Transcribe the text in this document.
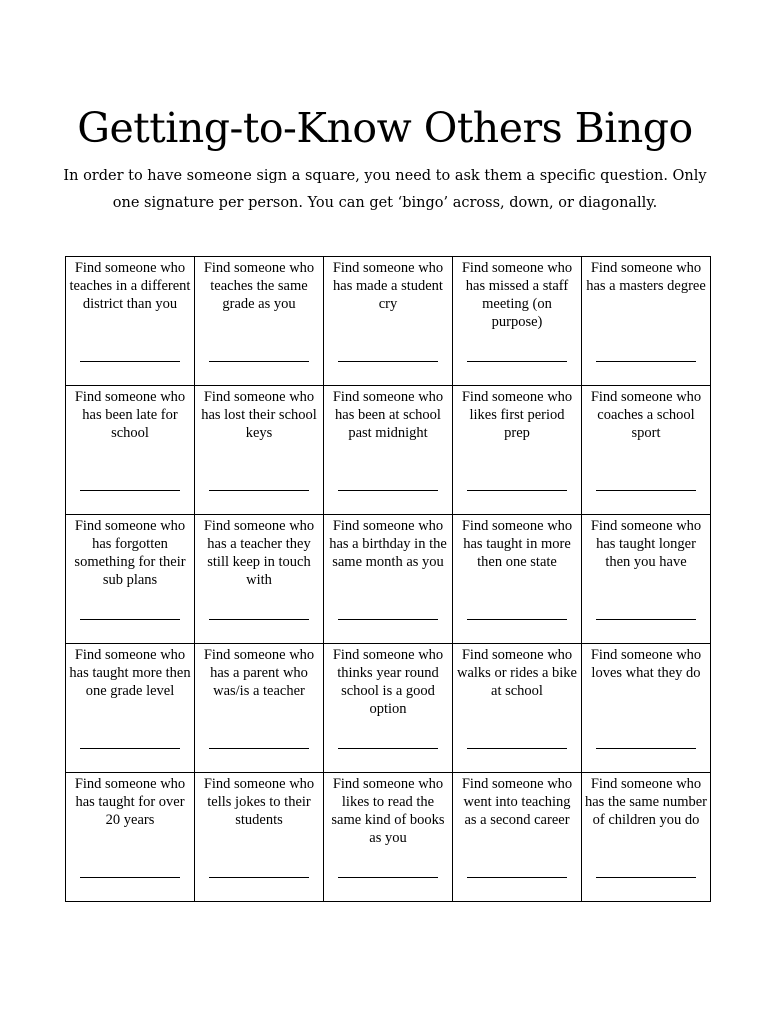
Getting-to-Know Others Bingo
In order to have someone sign a square, you need to ask them a specific question. Only
one signature per person. You can get ‘bingo’ across, down, or diagonally.
Find someone who teaches in a different district than you	Find someone who teaches the same grade as you	Find someone who has made a student cry	Find someone who has missed a staff meeting (on purpose)	Find someone who has a masters degree

Find someone who has been late for school	Find someone who has lost their school keys	Find someone who has been at school past midnight	Find someone who likes first period prep	Find someone who coaches a school sport

Find someone who has forgotten something for their sub plans	Find someone who has a teacher they still keep in touch with	Find someone who has a birthday in the same month as you	Find someone who has taught in more then one state	Find someone who has taught longer then you have

Find someone who has taught more then one grade level	Find someone who has a parent who was/is a teacher	Find someone who thinks year round school is a good option	Find someone who walks or rides a bike at school	Find someone who loves what they do

Find someone who has taught for over 20 years	Find someone who tells jokes to their students	Find someone who likes to read the same kind of books as you	Find someone who went into teaching as a second career	Find someone who has the same number of children you do
